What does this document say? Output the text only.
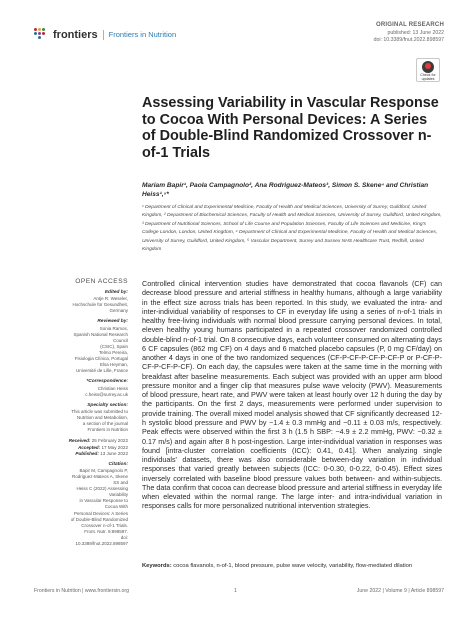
frontiers Frontiers in Nutrition
ORIGINAL RESEARCH
published: 13 June 2022
doi: 10.3389/fnut.2022.898597
Check for updates
Assessing Variability in Vascular Response to Cocoa With Personal Devices: A Series of Double-Blind Randomized Crossover n-of-1 Trials
Mariam Bapir¹, Paola Campagnolo², Ana Rodriguez-Mateos³, Simon S. Skene⁴ and Christian Heiss¹,⁵*
¹ Department of Clinical and Experimental Medicine, Faculty of Health and Medical Sciences, University of Surrey, Guildford, United Kingdom, ² Department of Biochemical Sciences, Faculty of Health and Medical Sciences, University of Surrey, Guildford, United Kingdom, ³ Department of Nutritional Sciences, School of Life Course and Population Sciences, Faculty of Life Sciences and Medicine, King's College London, London, United Kingdom, ⁴ Department of Clinical and Experimental Medicine, Faculty of Health and Medical Sciences, University of Surrey, Guildford, United Kingdom, ⁵ Vascular Department, Surrey and Sussex NHS Healthcare Trust, Redhill, United Kingdom
OPEN ACCESS
Edited by:
Antje R. Weseler,
Hochschule für Gesundheit, Germany
Reviewed by:
Sonia Ramos,
Spanish National Research Council
(CSIC), Spain
Telmo Pereira,
Fisiologia Clínica, Portugal
Elsa Heyman,
Université de Lille, France
*Correspondence:
Christian Heiss
c.heiss@surrey.ac.uk
Specialty section:
This article was submitted to
Nutrition and Metabolism,
a section of the journal
Frontiers in Nutrition
Received: 25 February 2022
Accepted: 17 May 2022
Published: 13 June 2022
Citation:
Bapir M, Campagnolo P,
Rodriguez-Mateos A, Skene SS and
Heiss C (2022) Assessing Variability
in Vascular Response to Cocoa With
Personal Devices: A Series
of Double-Blind Randomized
Crossover n-of-1 Trials.
Front. Nutr. 9:898597.
doi: 10.3389/fnut.2022.898597

Controlled clinical intervention studies have demonstrated that cocoa flavanols (CF) can decrease blood pressure and arterial stiffness in healthy humans, although a large variability in the effect size across trials has been reported. In this study, we evaluated the intra- and inter-individual variability of responses to CF in everyday life using a series of n-of-1 trials in healthy free-living individuals with normal blood pressure carrying personal devices. In total, eleven healthy young humans participated in a repeated crossover randomized controlled double-blind n-of-1 trial. On 8 consecutive days, each volunteer consumed on alternating days 6 CF capsules (862 mg CF) on 4 days and 6 matched placebo capsules (P, 0 mg CF/day) on another 4 days in one of the two randomized sequences (CF-P-CF-P-CF-P-CF-P or P-CF-P-CF-P-CF-P-CF). On each day, the capsules were taken at the same time in the morning with breakfast after baseline measurements. Each subject was provided with an upper arm blood pressure monitor and a finger clip that measures pulse wave velocity (PWV). Measurements of blood pressure, heart rate, and PWV were taken at least hourly over 12 h during the day by the participants. On the first 2 days, measurements were performed under supervision to provide training. The overall mixed model analysis showed that CF significantly decreased 12-h systolic blood pressure and PWV by −1.4 ± 0.3 mmHg and −0.11 ± 0.03 m/s, respectively. Peak effects were observed within the first 3 h (1.5 h SBP: −4.9 ± 2.2 mmHg, PWV: −0.32 ± 0.17 m/s) and again after 8 h post-ingestion. Large inter-individual variation in responses was found [intra-cluster correlation coefficients (ICC): 0.41, 0.41]. When analyzing single individuals' datasets, there was also considerable between-day variation in individual responses that varied greatly between subjects (ICC: 0-0.30, 0-0.22, 0-0.45). Effect sizes inversely correlated with baseline blood pressure values both between- and within-subjects. The data confirm that cocoa can decrease blood pressure and arterial stiffness in everyday life when elevated within the normal range. The large inter- and intra-individual variation in responses calls for more personalized nutritional intervention strategies.

Keywords: cocoa flavanols, n-of-1, blood pressure, pulse wave velocity, variability, flow-mediated dilation

Frontiers in Nutrition | www.frontiersin.org	1	June 2022 | Volume 9 | Article 898597
